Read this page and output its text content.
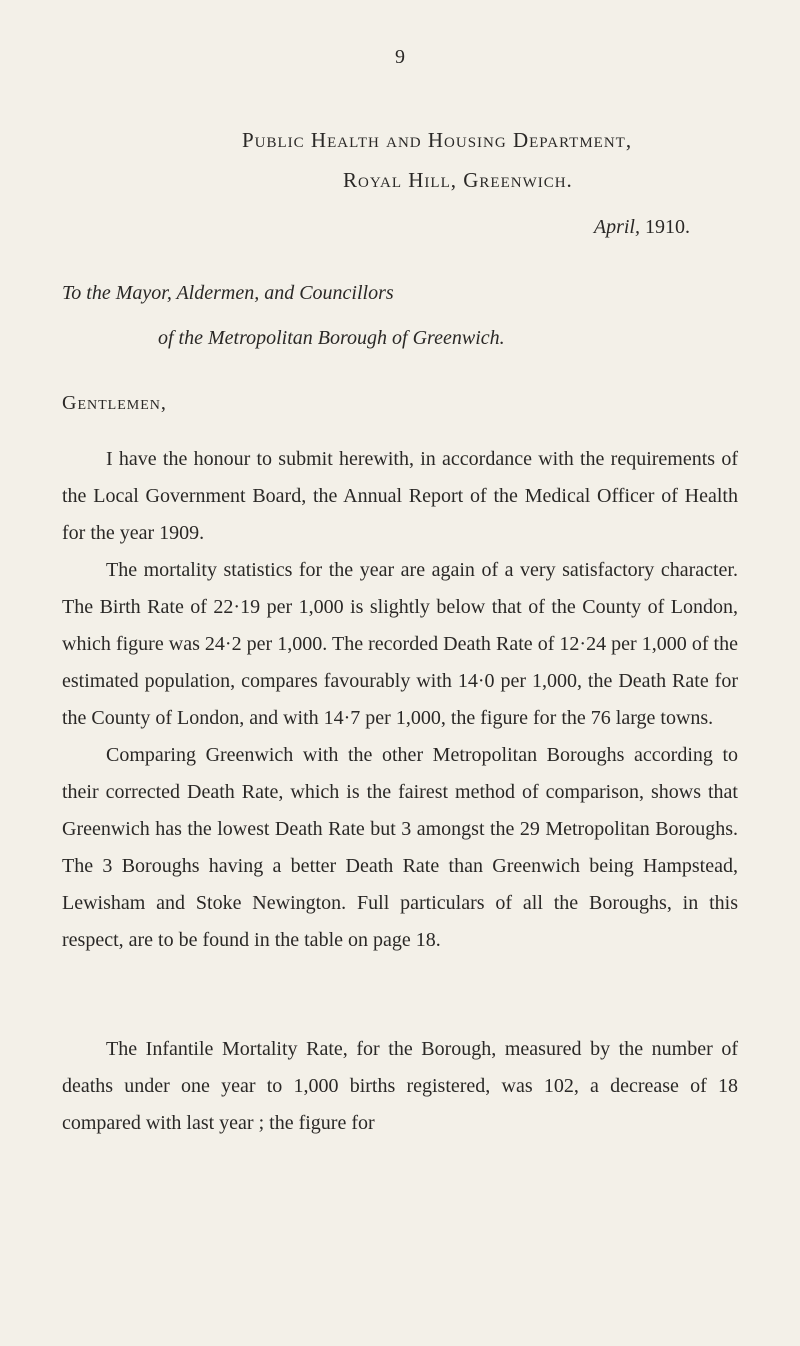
9
Public Health and Housing Department,
Royal Hill, Greenwich.
April, 1910.
To the Mayor, Aldermen, and Councillors
of the Metropolitan Borough of Greenwich.
Gentlemen,

I have the honour to submit herewith, in accordance with the requirements of the Local Government Board, the Annual Report of the Medical Officer of Health for the year 1909.

The mortality statistics for the year are again of a very satisfactory character. The Birth Rate of 22·19 per 1,000 is slightly below that of the County of London, which figure was 24·2 per 1,000. The recorded Death Rate of 12·24 per 1,000 of the estimated population, compares favourably with 14·0 per 1,000, the Death Rate for the County of London, and with 14·7 per 1,000, the figure for the 76 large towns.

Comparing Greenwich with the other Metropolitan Boroughs according to their corrected Death Rate, which is the fairest method of comparison, shows that Greenwich has the lowest Death Rate but 3 amongst the 29 Metropolitan Boroughs. The 3 Boroughs having a better Death Rate than Greenwich being Hampstead, Lewisham and Stoke Newington. Full particulars of all the Boroughs, in this respect, are to be found in the table on page 18.

The Infantile Mortality Rate, for the Borough, measured by the number of deaths under one year to 1,000 births registered, was 102, a decrease of 18 compared with last year ; the figure for
